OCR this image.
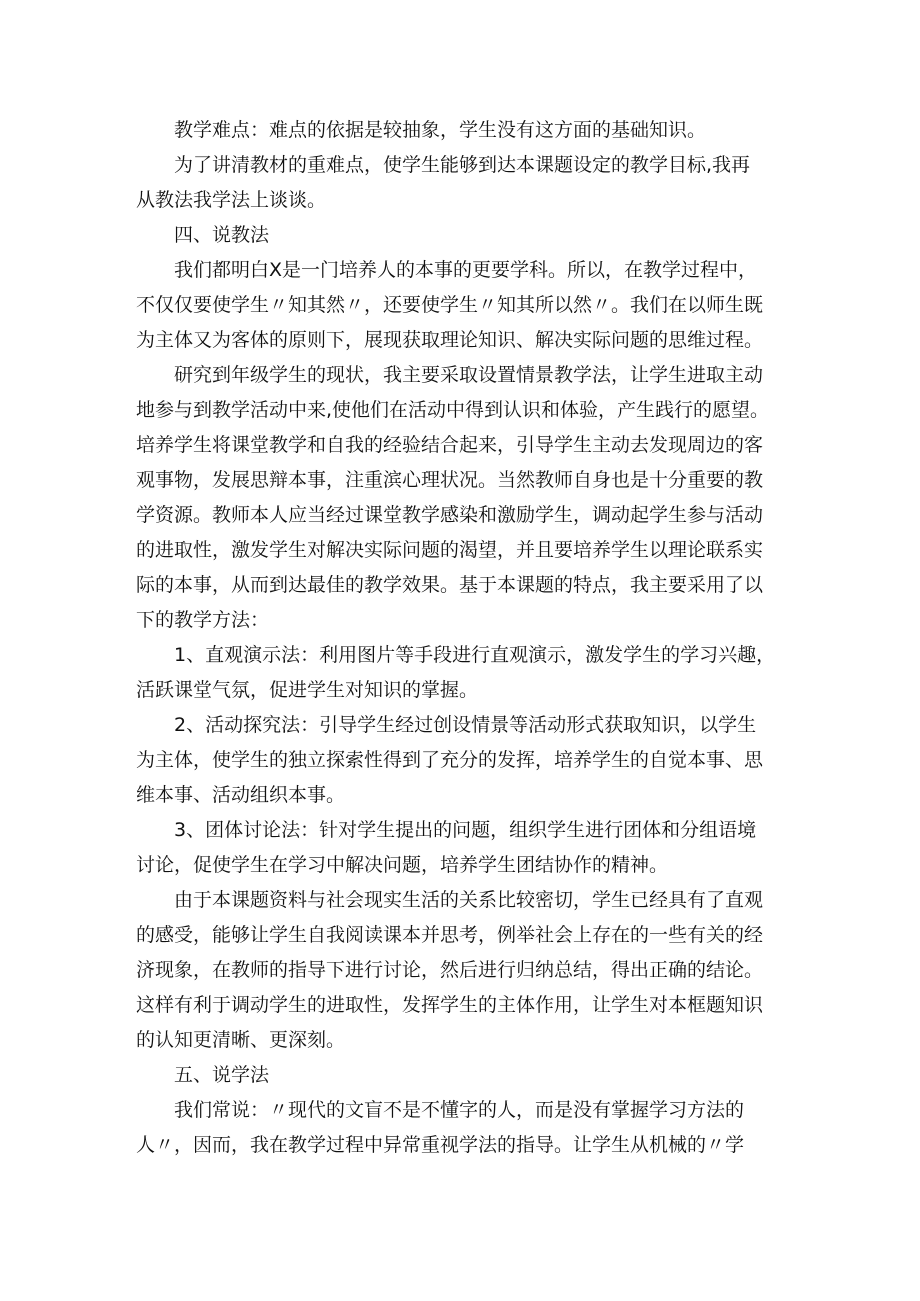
教学难点：难点的依据是较抽象，学生没有这方面的基础知识。

为了讲清教材的重难点，使学生能够到达本课题设定的教学目标,我再
从教法我学法上谈谈。

四、说教法

我们都明白X是一门培养人的本事的更要学科。所以，在教学过程中，
不仅仅要使学生〃知其然〃，还要使学生〃知其所以然〃。我们在以师生既
为主体又为客体的原则下，展现获取理论知识、解决实际问题的思维过程。

研究到年级学生的现状，我主要采取设置情景教学法，让学生进取主动
地参与到教学活动中来,使他们在活动中得到认识和体验，产生践行的愿望。
培养学生将课堂教学和自我的经验结合起来，引导学生主动去发现周边的客
观事物，发展思辩本事，注重滨心理状况。当然教师自身也是十分重要的教
学资源。教师本人应当经过课堂教学感染和激励学生，调动起学生参与活动
的进取性，激发学生对解决实际问题的渴望，并且要培养学生以理论联系实
际的本事，从而到达最佳的教学效果。基于本课题的特点，我主要采用了以
下的教学方法：

1、直观演示法：利用图片等手段进行直观演示，激发学生的学习兴趣，
活跃课堂气氛，促进学生对知识的掌握。

2、活动探究法：引导学生经过创设情景等活动形式获取知识，以学生
为主体，使学生的独立探索性得到了充分的发挥，培养学生的自觉本事、思
维本事、活动组织本事。

3、团体讨论法：针对学生提出的问题，组织学生进行团体和分组语境
讨论，促使学生在学习中解决问题，培养学生团结协作的精神。

由于本课题资料与社会现实生活的关系比较密切，学生已经具有了直观
的感受，能够让学生自我阅读课本并思考，例举社会上存在的一些有关的经
济现象，在教师的指导下进行讨论，然后进行归纳总结，得出正确的结论。
这样有利于调动学生的进取性，发挥学生的主体作用，让学生对本框题知识
的认知更清晰、更深刻。

五、说学法

我们常说：〃现代的文盲不是不懂字的人，而是没有掌握学习方法的
人〃，因而，我在教学过程中异常重视学法的指导。让学生从机械的〃学
